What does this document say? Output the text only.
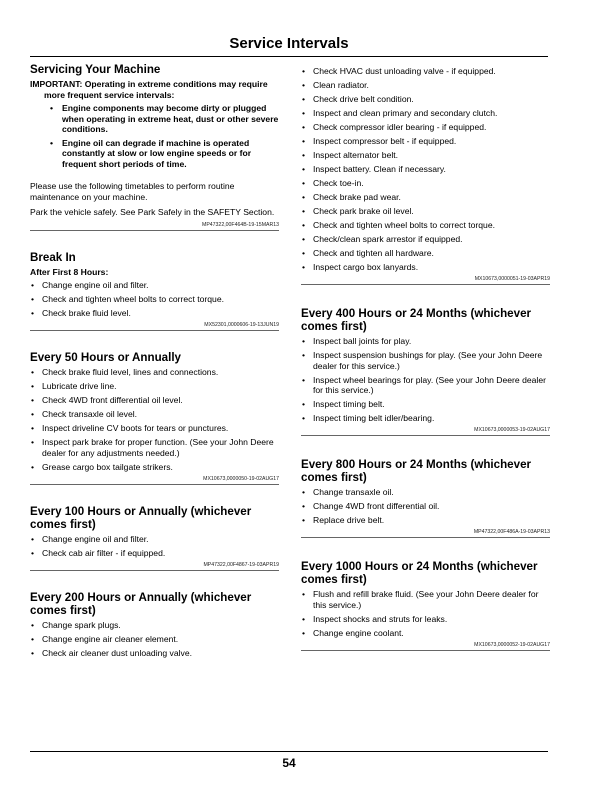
Service Intervals
Servicing Your Machine
IMPORTANT: Operating in extreme conditions may require more frequent service intervals:
• Engine components may become dirty or plugged when operating in extreme heat, dust or other severe conditions.
• Engine oil can degrade if machine is operated constantly at slow or low engine speeds or for frequent short periods of time.

Please use the following timetables to perform routine maintenance on your machine.

Park the vehicle safely. See Park Safely in the SAFETY Section.

MP47322,00F464B-19-15MAR13
Break In
After First 8 Hours:
• Change engine oil and filter.
• Check and tighten wheel bolts to correct torque.
• Check brake fluid level.
MX52301,0000606-19-13JUN19
Every 50 Hours or Annually
• Check brake fluid level, lines and connections.
• Lubricate drive line.
• Check 4WD front differential oil level.
• Check transaxle oil level.
• Inspect driveline CV boots for tears or punctures.
• Inspect park brake for proper function. (See your John Deere dealer for any adjustments needed.)
• Grease cargo box tailgate strikers.
MX10673,0000050-19-02AUG17
Every 100 Hours or Annually (whichever comes first)
• Change engine oil and filter.
• Check cab air filter - if equipped.
MP47322,00F4867-19-03APR19
Every 200 Hours or Annually (whichever comes first)
• Change spark plugs.
• Change engine air cleaner element.
• Check air cleaner dust unloading valve.
• Check HVAC dust unloading valve - if equipped.
• Clean radiator.
• Check drive belt condition.
• Inspect and clean primary and secondary clutch.
• Check compressor idler bearing - if equipped.
• Inspect compressor belt - if equipped.
• Inspect alternator belt.
• Inspect battery. Clean if necessary.
• Check toe-in.
• Check brake pad wear.
• Check park brake oil level.
• Check and tighten wheel bolts to correct torque.
• Check/clean spark arrestor if equipped.
• Check and tighten all hardware.
• Inspect cargo box lanyards.
MX10673,0000051-19-03APR19
Every 400 Hours or 24 Months (whichever comes first)
• Inspect ball joints for play.
• Inspect suspension bushings for play. (See your John Deere dealer for this service.)
• Inspect wheel bearings for play. (See your John Deere dealer for this service.)
• Inspect timing belt.
• Inspect timing belt idler/bearing.
MX10673,0000053-19-02AUG17
Every 800 Hours or 24 Months (whichever comes first)
• Change transaxle oil.
• Change 4WD front differential oil.
• Replace drive belt.
MP47322,00F486A-19-03APR13
Every 1000 Hours or 24 Months (whichever comes first)
• Flush and refill brake fluid. (See your John Deere dealer for this service.)
• Inspect shocks and struts for leaks.
• Change engine coolant.
MX10673,0000052-19-02AUG17
54
